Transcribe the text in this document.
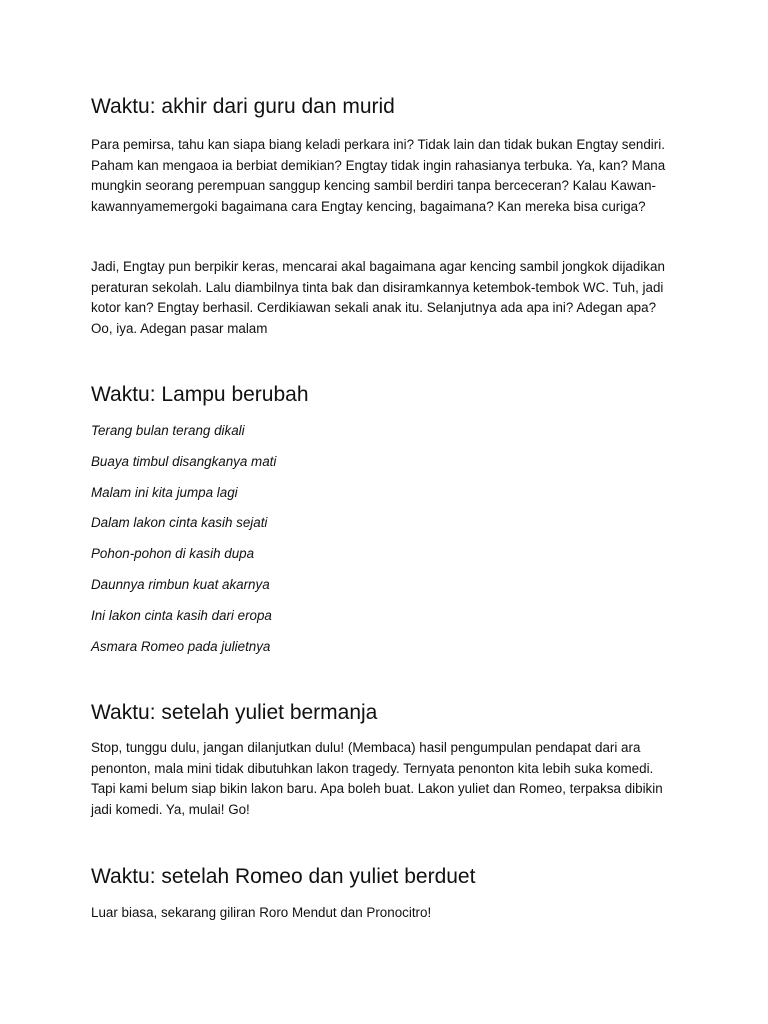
Waktu: akhir dari guru dan murid

Para pemirsa, tahu kan siapa biang keladi perkara ini? Tidak lain dan tidak bukan Engtay sendiri. Paham kan mengaoa ia berbiat demikian? Engtay tidak ingin rahasianya terbuka. Ya, kan? Mana mungkin seorang perempuan sanggup kencing sambil berdiri tanpa berceceran? Kalau Kawan-kawannyamemergoki bagaimana cara Engtay kencing, bagaimana? Kan mereka bisa curiga?

Jadi, Engtay pun berpikir keras, mencarai akal bagaimana agar kencing sambil jongkok dijadikan peraturan sekolah. Lalu diambilnya tinta bak dan disiramkannya ketembok-tembok WC. Tuh, jadi kotor kan? Engtay berhasil. Cerdikiawan sekali anak itu. Selanjutnya ada apa ini? Adegan apa? Oo, iya. Adegan pasar malam

Waktu: Lampu berubah
Terang bulan terang dikali
Buaya timbul disangkanya mati
Malam ini kita jumpa lagi
Dalam lakon cinta kasih sejati
Pohon-pohon di kasih dupa
Daunnya rimbun kuat akarnya
Ini lakon cinta kasih dari eropa
Asmara Romeo pada julietnya
Waktu: setelah yuliet bermanja

Stop, tunggu dulu, jangan dilanjutkan dulu! (Membaca) hasil pengumpulan pendapat dari ara penonton, mala mini tidak dibutuhkan lakon tragedy. Ternyata penonton kita lebih suka komedi. Tapi kami belum siap bikin lakon baru. Apa boleh buat. Lakon yuliet dan Romeo, terpaksa dibikin jadi komedi. Ya, mulai! Go!

Waktu: setelah Romeo dan yuliet berduet

Luar biasa, sekarang giliran Roro Mendut dan Pronocitro!
